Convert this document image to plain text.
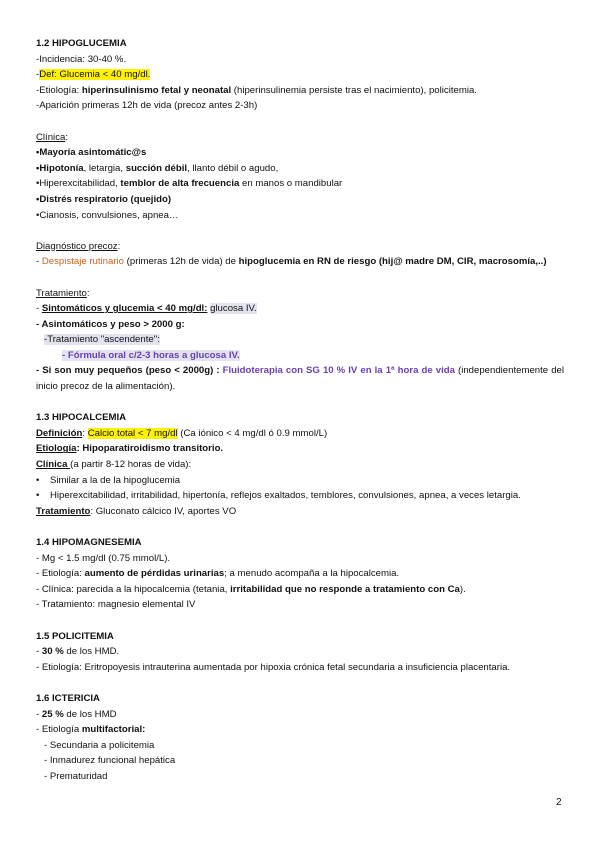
1.2 HIPOGLUCEMIA
-Incidencia: 30-40 %.
-Def: Glucemia < 40 mg/dl.
-Etiología: hiperinsulinismo fetal y neonatal (hiperinsulinemia persiste tras el nacimiento), policitemia.
-Aparición primeras 12h de vida (precoz antes 2-3h)
Clínica:
•Mayoria asintomátic@s
•Hipotonía, letargia, succión débil, llanto débil o agudo,
•Hiperexcitabilidad, temblor de alta frecuencia en manos o mandibular
•Distrés respiratorio (quejido)
•Cianosis, convulsiones, apnea…
Diagnóstico precoz:
- Despistaje rutinario (primeras 12h de vida) de hipoglucemia en RN de riesgo (hij@ madre DM, CIR, macrosomía,..)
Tratamiento:
- Sintomáticos y glucemia < 40 mg/dl: glucosa IV.
- Asintomáticos y peso > 2000 g:
-Tratamiento "ascendente":
- Fórmula oral c/2-3 horas a glucosa IV.
- Si son muy pequeños (peso < 2000g) : Fluidoterapia con SG 10 % IV en la 1ª hora de vida (independientemente del inicio precoz de la alimentación).
1.3 HIPOCALCEMIA
Definición: Calcio total < 7 mg/dl (Ca iónico < 4 mg/dl ó 0.9 mmol/L)
Etiología: Hipoparatiroidismo transitorio.
Clínica (a partir 8-12 horas de vida):
•	Similar a la de la hipoglucemia
• Hiperexcitabilidad, irritabilidad, hipertonía, reflejos exaltados, temblores, convulsiones, apnea, a veces letargia.
Tratamiento: Gluconato cálcico IV, aportes VO
1.4 HIPOMAGNESEMIA
- Mg < 1.5 mg/dl (0.75 mmol/L).
- Etiología: aumento de pérdidas urinarias; a menudo acompaña a la hipocalcemia.
- Clínica: parecida a la hipocalcemia (tetania, irritabilidad que no responde a tratamiento con Ca).
- Tratamiento: magnesio elemental IV
1.5 POLICITEMIA
- 30 % de los HMD.
- Etiología: Eritropoyesis intrauterina aumentada por hipoxia crónica fetal secundaria a insuficiencia placentaria.
1.6 ICTERICIA
- 25 % de los HMD
- Etiología multifactorial:
- Secundaria a policitemia
- Inmadurez funcional hepática
- Prematuridad
2
